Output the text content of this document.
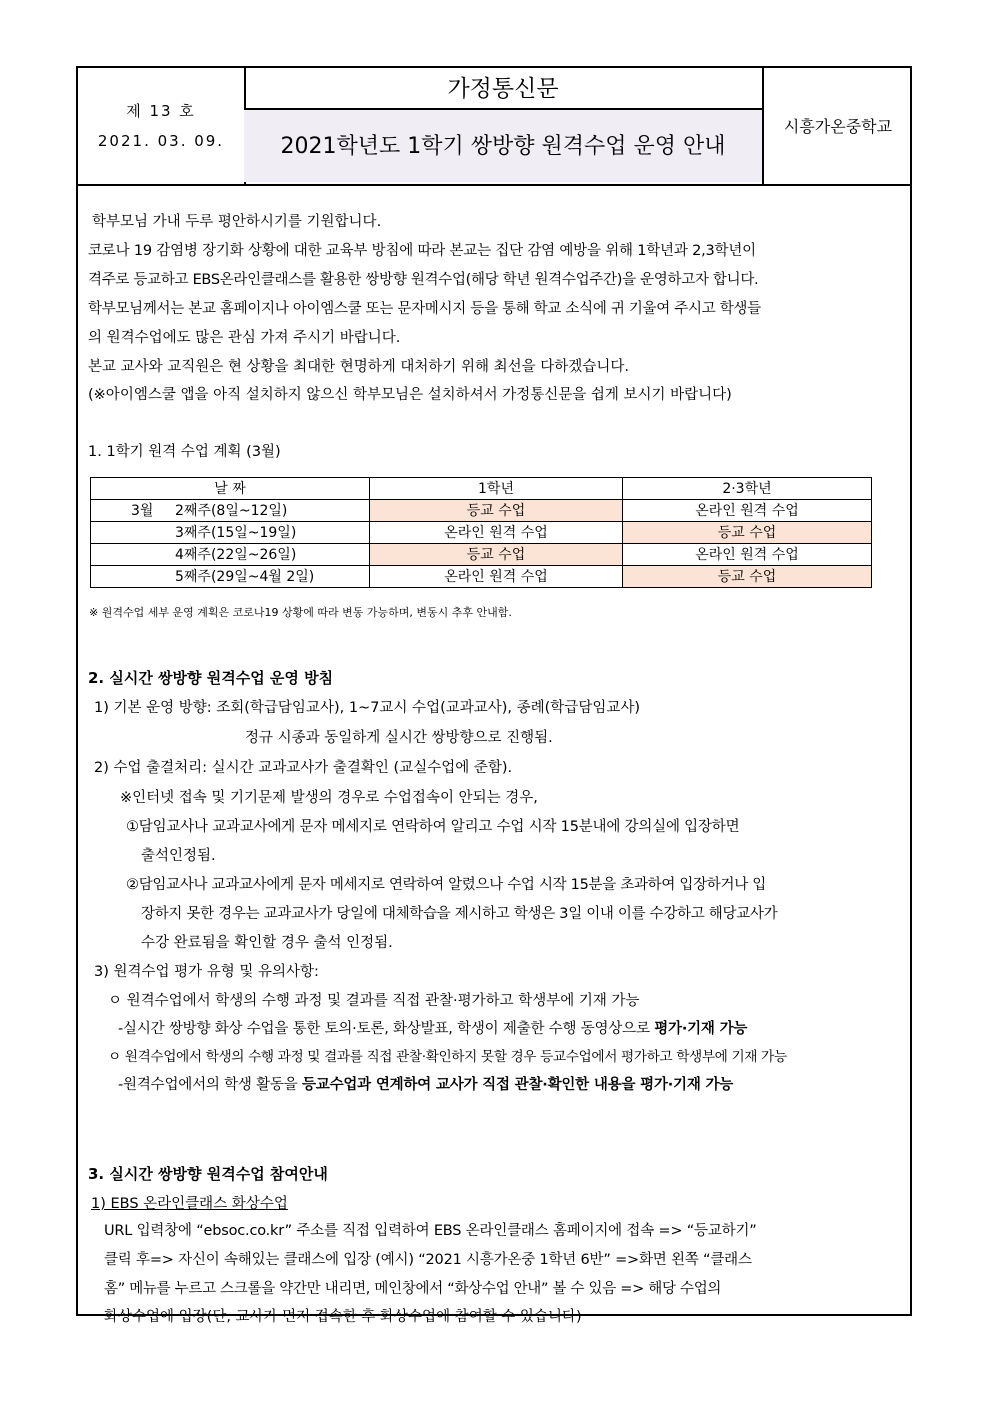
제 13 호
2021. 03. 09.
가정통신문
2021학년도 1학기 쌍방향 원격수업 운영 안내
시흥가온중학교
학부모님 가내 두루 평안하시기를 기원합니다.
코로나 19 감염병 장기화 상황에 대한 교육부 방침에 따라 본교는 집단 감염 예방을 위해 1학년과 2,3학년이
격주로 등교하고 EBS온라인클래스를 활용한 쌍방향 원격수업(해당 학년 원격수업주간)을 운영하고자 합니다.
학부모님께서는 본교 홈페이지나 아이엠스쿨 또는 문자메시지 등을 통해 학교 소식에 귀 기울여 주시고 학생들
의 원격수업에도 많은 관심 가져 주시기 바랍니다.
본교 교사와 교직원은 현 상황을 최대한 현명하게 대처하기 위해 최선을 다하겠습니다.
(※아이엠스쿨 앱을 아직 설치하지 않으신 학부모님은 설치하셔서 가정통신문을 쉽게 보시기 바랍니다)
1. 1학기 원격 수업 계획 (3월)
날 짜	1학년	2·3학년
3월 2째주(8일~12일)	등교 수업	온라인 원격 수업
3째주(15일~19일)	온라인 원격 수업	등교 수업
4째주(22일~26일)	등교 수업	온라인 원격 수업
5째주(29일~4월 2일)	온라인 원격 수업	등교 수업
※ 원격수업 세부 운영 계획은 코로나19 상황에 따라 변동 가능하며, 변동시 추후 안내함.
2. 실시간 쌍방향 원격수업 운영 방침
1) 기본 운영 방향: 조회(학급담임교사), 1~7교시 수업(교과교사), 종례(학급담임교사)
정규 시종과 동일하게 실시간 쌍방향으로 진행됨.
2) 수업 출결처리: 실시간 교과교사가 출결확인 (교실수업에 준함).
※인터넷 접속 및 기기문제 발생의 경우로 수업접속이 안되는 경우,
①담임교사나 교과교사에게 문자 메세지로 연락하여 알리고 수업 시작 15분내에 강의실에 입장하면
출석인정됨.
②담임교사나 교과교사에게 문자 메세지로 연락하여 알렸으나 수업 시작 15분을 초과하여 입장하거나 입
장하지 못한 경우는 교과교사가 당일에 대체학습을 제시하고 학생은 3일 이내 이를 수강하고 해당교사가
수강 완료됨을 확인할 경우 출석 인정됨.
3) 원격수업 평가 유형 및 유의사항:
ㅇ 원격수업에서 학생의 수행 과정 및 결과를 직접 관찰·평가하고 학생부에 기재 가능
-실시간 쌍방향 화상 수업을 통한 토의·토론, 화상발표, 학생이 제출한 수행 동영상으로 평가·기재 가능
ㅇ 원격수업에서 학생의 수행 과정 및 결과를 직접 관찰·확인하지 못할 경우 등교수업에서 평가하고 학생부에 기재 가능
-원격수업에서의 학생 활동을 등교수업과 연계하여 교사가 직접 관찰·확인한 내용을 평가·기재 가능
3. 실시간 쌍방향 원격수업 참여안내
1) EBS 온라인클래스 화상수업
URL 입력창에 “ebsoc.co.kr” 주소를 직접 입력하여 EBS 온라인클래스 홈페이지에 접속 => “등교하기”
클릭 후=> 자신이 속해있는 클래스에 입장 (예시) “2021 시흥가온중 1학년 6반” =>화면 왼쪽 “클래스
홈” 메뉴를 누르고 스크롤을 약간만 내리면, 메인창에서 “화상수업 안내” 볼 수 있음 => 해당 수업의
화상수업에 입장(단, 교사가 먼저 접속한 후 화상수업에 참여할 수 있습니다)
